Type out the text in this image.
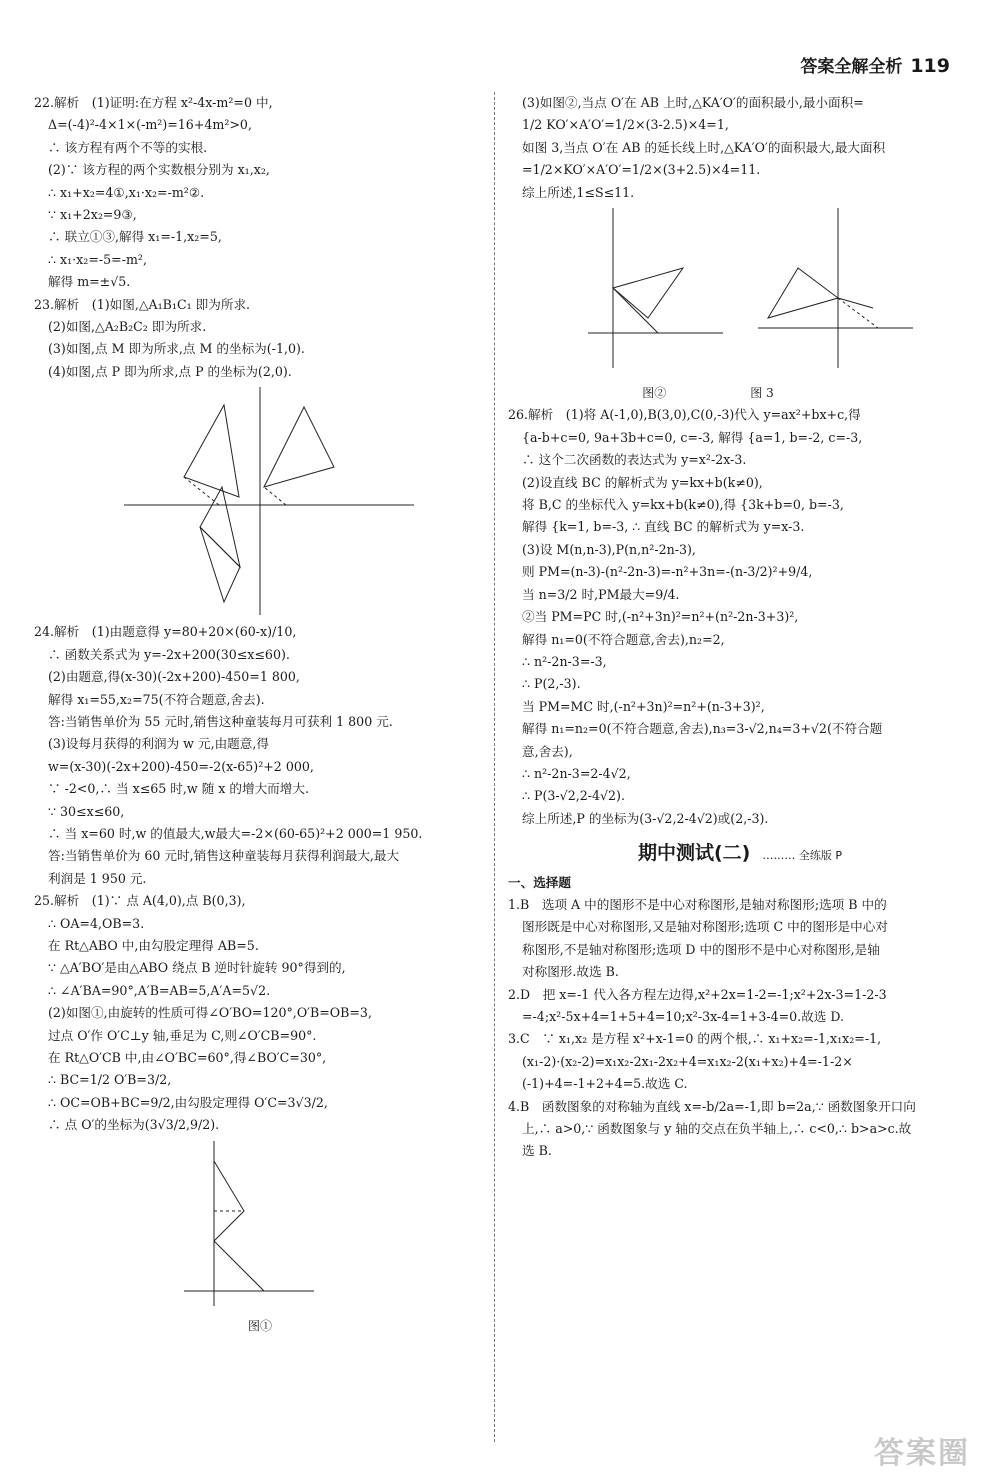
答案全解全析 119
22.解析　(1)证明:在方程 x²-4x-m²=0 中,
Δ=(-4)²-4×1×(-m²)=16+4m²>0,
∴ 该方程有两个不等的实根.
(2)∵ 该方程的两个实数根分别为 x₁,x₂,
∴ x₁+x₂=4①,x₁·x₂=-m²②.
∵ x₁+2x₂=9③,
∴ 联立①③,解得 x₁=-1,x₂=5,
∴ x₁·x₂=-5=-m²,
解得 m=±√5.
23.解析　(1)如图,△A₁B₁C₁ 即为所求.
(2)如图,△A₂B₂C₂ 即为所求.
(3)如图,点 M 即为所求,点 M 的坐标为(-1,0).
(4)如图,点 P 即为所求,点 P 的坐标为(2,0).
24.解析　(1)由题意得 y=80+20×(60-x)/10,
∴ 函数关系式为 y=-2x+200(30≤x≤60).
(2)由题意,得(x-30)(-2x+200)-450=1 800,
解得 x₁=55,x₂=75(不符合题意,舍去).
答:当销售单价为 55 元时,销售这种童装每月可获利 1 800 元.
(3)设每月获得的利润为 w 元,由题意,得
w=(x-30)(-2x+200)-450=-2(x-65)²+2 000,
∵ -2<0,∴ 当 x≤65 时,w 随 x 的增大而增大.
∵ 30≤x≤60,
∴ 当 x=60 时,w 的值最大,w最大=-2×(60-65)²+2 000=1 950.
答:当销售单价为 60 元时,销售这种童装每月获得利润最大,最大
利润是 1 950 元.
25.解析　(1)∵ 点 A(4,0),点 B(0,3),
∴ OA=4,OB=3.
在 Rt△ABO 中,由勾股定理得 AB=5.
∵ △A′BO′是由△ABO 绕点 B 逆时针旋转 90°得到的,
∴ ∠A′BA=90°,A′B=AB=5,A′A=5√2.
(2)如图①,由旋转的性质可得∠O′BO=120°,O′B=OB=3,
过点 O′作 O′C⊥y 轴,垂足为 C,则∠O′CB=90°.
在 Rt△O′CB 中,由∠O′BC=60°,得∠BO′C=30°,
∴ BC=1/2 O′B=3/2,
∴ OC=OB+BC=9/2,由勾股定理得 O′C=3√3/2,
∴ 点 O′的坐标为(3√3/2,9/2).
图①
(3)如图②,当点 O′在 AB 上时,△KA′O′的面积最小,最小面积=
1/2 KO′×A′O′=1/2×(3-2.5)×4=1,
如图 3,当点 O′在 AB 的延长线上时,△KA′O′的面积最大,最大面积
=1/2×KO′×A′O′=1/2×(3+2.5)×4=11.
综上所述,1≤S≤11.
图②　　　　　　　图 3
26.解析　(1)将 A(-1,0),B(3,0),C(0,-3)代入 y=ax²+bx+c,得
{a-b+c=0, 9a+3b+c=0, c=-3, 解得 {a=1, b=-2, c=-3,
∴ 这个二次函数的表达式为 y=x²-2x-3.
(2)设直线 BC 的解析式为 y=kx+b(k≠0),
将 B,C 的坐标代入 y=kx+b(k≠0),得 {3k+b=0, b=-3,
解得 {k=1, b=-3, ∴ 直线 BC 的解析式为 y=x-3.
(3)设 M(n,n-3),P(n,n²-2n-3),
则 PM=(n-3)-(n²-2n-3)=-n²+3n=-(n-3/2)²+9/4,
当 n=3/2 时,PM最大=9/4.
②当 PM=PC 时,(-n²+3n)²=n²+(n²-2n-3+3)²,
解得 n₁=0(不符合题意,舍去),n₂=2,
∴ n²-2n-3=-3,
∴ P(2,-3).
当 PM=MC 时,(-n²+3n)²=n²+(n-3+3)²,
解得 n₁=n₂=0(不符合题意,舍去),n₃=3-√2,n₄=3+√2(不符合题
意,舍去),
∴ n²-2n-3=2-4√2,
∴ P(3-√2,2-4√2).
综上所述,P 的坐标为(3-√2,2-4√2)或(2,-3).
期中测试(二) ……… 全练版 P
一、选择题
1.B　选项 A 中的图形不是中心对称图形,是轴对称图形;选项 B 中的
图形既是中心对称图形,又是轴对称图形;选项 C 中的图形是中心对
称图形,不是轴对称图形;选项 D 中的图形不是中心对称图形,是轴
对称图形.故选 B.
2.D　把 x=-1 代入各方程左边得,x²+2x=1-2=-1;x²+2x-3=1-2-3
=-4;x²-5x+4=1+5+4=10;x²-3x-4=1+3-4=0.故选 D.
3.C　∵ x₁,x₂ 是方程 x²+x-1=0 的两个根,∴ x₁+x₂=-1,x₁x₂=-1,
(x₁-2)·(x₂-2)=x₁x₂-2x₁-2x₂+4=x₁x₂-2(x₁+x₂)+4=-1-2×
(-1)+4=-1+2+4=5.故选 C.
4.B　函数图象的对称轴为直线 x=-b/2a=-1,即 b=2a,∵ 函数图象开口向
上,∴ a>0,∵ 函数图象与 y 轴的交点在负半轴上,∴ c<0,∴ b>a>c.故
选 B.
答案圈
